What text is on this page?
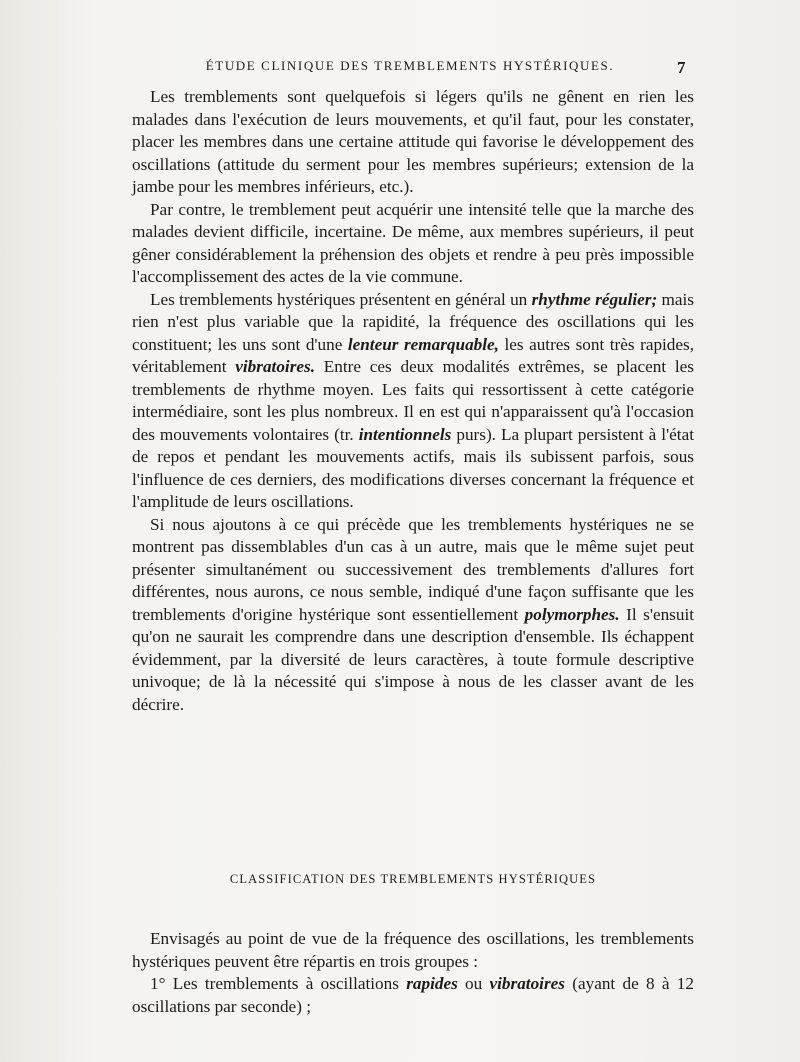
ÉTUDE CLINIQUE DES TREMBLEMENTS HYSTÉRIQUES.	7

Les tremblements sont quelquefois si légers qu'ils ne gênent en rien les malades dans l'exécution de leurs mouvements, et qu'il faut, pour les constater, placer les membres dans une certaine attitude qui favorise le développement des oscillations (attitude du serment pour les membres supérieurs; extension de la jambe pour les membres inférieurs, etc.).

Par contre, le tremblement peut acquérir une intensité telle que la marche des malades devient difficile, incertaine. De même, aux membres supérieurs, il peut gêner considérablement la préhension des objets et rendre à peu près impossible l'accomplissement des actes de la vie commune.

Les tremblements hystériques présentent en général un rhythme régulier; mais rien n'est plus variable que la rapidité, la fréquence des oscillations qui les constituent; les uns sont d'une lenteur remarquable, les autres sont très rapides, véritablement vibratoires. Entre ces deux modalités extrêmes, se placent les tremblements de rhythme moyen. Les faits qui ressortissent à cette catégorie intermédiaire, sont les plus nombreux. Il en est qui n'apparaissent qu'à l'occasion des mouvements volontaires (tr. intentionnels purs). La plupart persistent à l'état de repos et pendant les mouvements actifs, mais ils subissent parfois, sous l'influence de ces derniers, des modifications diverses concernant la fréquence et l'amplitude de leurs oscillations.

Si nous ajoutons à ce qui précède que les tremblements hystériques ne se montrent pas dissemblables d'un cas à un autre, mais que le même sujet peut présenter simultanément ou successivement des tremblements d'allures fort différentes, nous aurons, ce nous semble, indiqué d'une façon suffisante que les tremblements d'origine hystérique sont essentiellement polymorphes. Il s'ensuit qu'on ne saurait les comprendre dans une description d'ensemble. Ils échappent évidemment, par la diversité de leurs caractères, à toute formule descriptive univoque; de là la nécessité qui s'impose à nous de les classer avant de les décrire.

CLASSIFICATION DES TREMBLEMENTS HYSTÉRIQUES

Envisagés au point de vue de la fréquence des oscillations, les tremblements hystériques peuvent être répartis en trois groupes :

1° Les tremblements à oscillations rapides ou vibratoires (ayant de 8 à 12 oscillations par seconde) ;
